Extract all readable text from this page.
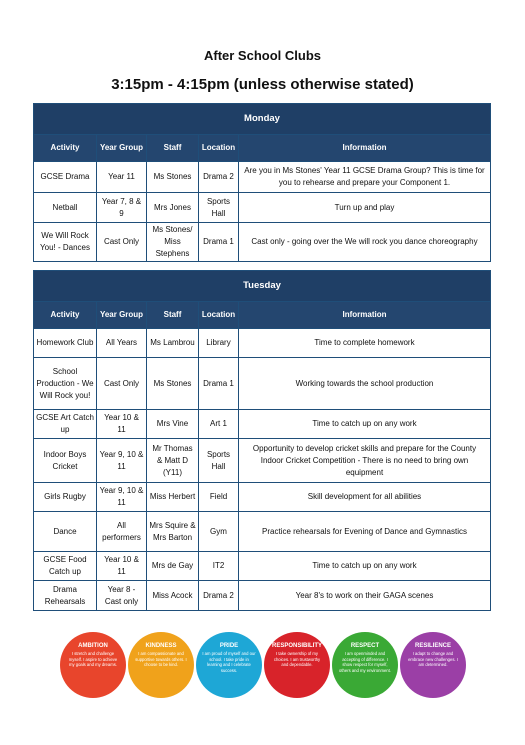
After School Clubs
3:15pm - 4:15pm (unless otherwise stated)
Monday				
Activity	Year Group	Staff	Location	Information
GCSE Drama	Year 11	Ms Stones	Drama 2	Are you in Ms Stones' Year 11 GCSE Drama Group? This is time for you to rehearse and prepare your Component 1.
Netball	Year 7, 8 & 9	Mrs Jones	Sports Hall	Turn up and play
We Will Rock You! - Dances	Cast Only	Ms Stones/ Miss Stephens	Drama 1	Cast only - going over the We will rock you dance choreography
Tuesday				
Activity	Year Group	Staff	Location	Information
Homework Club	All Years	Ms Lambrou	Library	Time to complete homework
School Production - We Will Rock you!	Cast Only	Ms Stones	Drama 1	Working towards the school production
GCSE Art Catch up	Year 10 & 11	Mrs Vine	Art 1	Time to catch up on any work
Indoor Boys Cricket	Year 9, 10 & 11	Mr Thomas & Matt D (Y11)	Sports Hall	Opportunity to develop cricket skills and prepare for the County Indoor Cricket Competition - There is no need to bring own equipment
Girls Rugby	Year 9, 10 & 11	Miss Herbert	Field	Skill development for all abilities
Dance	All performers	Mrs Squire & Mrs Barton	Gym	Practice rehearsals for Evening of Dance and Gymnastics
GCSE Food Catch up	Year 10 & 11	Mrs de Gay	IT2	Time to catch up on any work
Drama Rehearsals	Year 8 - Cast only	Miss Acock	Drama 2	Year 8's to work on their GAGA scenes
AMBITION
I stretch and challenge myself. I aspire to achieve my goals and my dreams.
KINDNESS
I am compassionate and supportive towards others. I choose to be kind.
PRIDE
I am proud of myself and our school. I take pride in learning and I celebrate success.
RESPONSIBILITY
I take ownership of my choices. I am trustworthy and dependable.
RESPECT
I am openminded and accepting of difference. I show respect for myself, others and my environment.
RESILIENCE
I adapt to change and embrace new challenges. I am determined.
